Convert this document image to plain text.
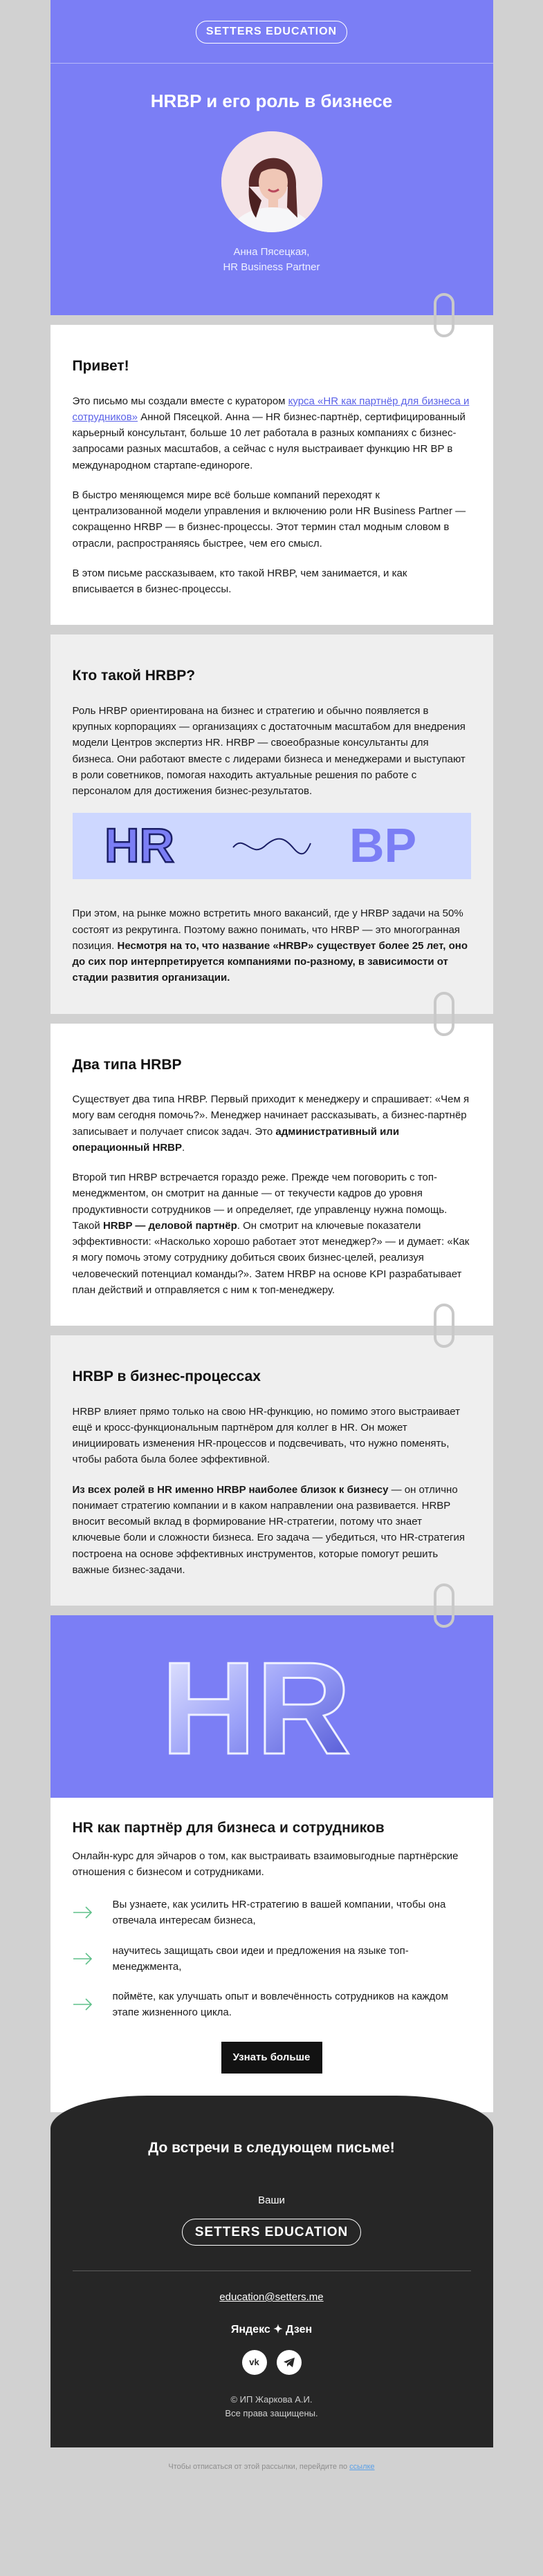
SETTERS EDUCATION
HRBP и его роль в бизнесе
Анна Пясецкая,
HR Business Partner
Привет!

Это письмо мы создали вместе с куратором курса «HR как партнёр для бизнеса и сотрудников» Анной Пясецкой. Анна — HR бизнес-партнёр, сертифицированный карьерный консультант, больше 10 лет работала в разных компаниях с бизнес-запросами разных масштабов, а сейчас с нуля выстраивает функцию HR BP в международном стартапе-единороге.

В быстро меняющемся мире всё больше компаний переходят к централизованной модели управления и включению роли HR Business Partner — сокращенно HRBP — в бизнес-процессы. Этот термин стал модным словом в отрасли, распространяясь быстрее, чем его смысл.

В этом письме рассказываем, кто такой HRBP, чем занимается, и как вписывается в бизнес-процессы.

Кто такой HRBP?

Роль HRBP ориентирована на бизнес и стратегию и обычно появляется в крупных корпорациях — организациях с достаточным масштабом для внедрения модели Центров экспертиз HR. HRBP — своеобразные консультанты для бизнеса. Они работают вместе с лидерами бизнеса и менеджерами и выступают в роли советников, помогая находить актуальные решения по работе с персоналом для достижения бизнес-результатов.

HR	BP

При этом, на рынке можно встретить много вакансий, где у HRBP задачи на 50% состоят из рекрутинга. Поэтому важно понимать, что HRBP — это многогранная позиция. Несмотря на то, что название «HRBP» существует более 25 лет, оно до сих пор интерпретируется компаниями по-разному, в зависимости от стадии развития организации.

Два типа HRBP

Существует два типа HRBP. Первый приходит к менеджеру и спрашивает: «Чем я могу вам сегодня помочь?». Менеджер начинает рассказывать, а бизнес-партнёр записывает и получает список задач. Это административный или операционный HRBP.

Второй тип HRBP встречается гораздо реже. Прежде чем поговорить с топ-менеджментом, он смотрит на данные — от текучести кадров до уровня продуктивности сотрудников — и определяет, где управленцу нужна помощь. Такой HRBP — деловой партнёр. Он смотрит на ключевые показатели эффективности: «Насколько хорошо работает этот менеджер?» — и думает: «Как я могу помочь этому сотруднику добиться своих бизнес-целей, реализуя человеческий потенциал команды?». Затем HRBP на основе KPI разрабатывает план действий и отправляется с ним к топ-менеджеру.

HRBP в бизнес-процессах

HRBP влияет прямо только на свою HR-функцию, но помимо этого выстраивает ещё и кросс-функциональным партнёром для коллег в HR. Он может инициировать изменения HR-процессов и подсвечивать, что нужно поменять, чтобы работа была более эффективной.

Из всех ролей в HR именно HRBP наиболее близок к бизнесу — он отлично понимает стратегию компании и в каком направлении она развивается. HRBP вносит весомый вклад в формирование HR-стратегии, потому что знает ключевые боли и сложности бизнеса. Его задача — убедиться, что HR-стратегия построена на основе эффективных инструментов, которые помогут решить важные бизнес-задачи.

HR
HR как партнёр для бизнеса и сотрудников
Онлайн-курс для эйчаров о том, как выстраивать взаимовыгодные партнёрские отношения с бизнесом и сотрудниками.
Вы узнаете, как усилить HR-стратегию в вашей компании, чтобы она отвечала интересам бизнеса,
научитесь защищать свои идеи и предложения на языке топ-менеджмента,
поймёте, как улучшать опыт и вовлечённость сотрудников на каждом этапе жизненного цикла.
Узнать больше
До встречи в следующем письме!
Ваши
SETTERS EDUCATION
education@setters.me
Яндекс ✦ Дзен
vk
© ИП Жаркова А.И.
Все права защищены.
Чтобы отписаться от этой рассылки, перейдите по ссылке
